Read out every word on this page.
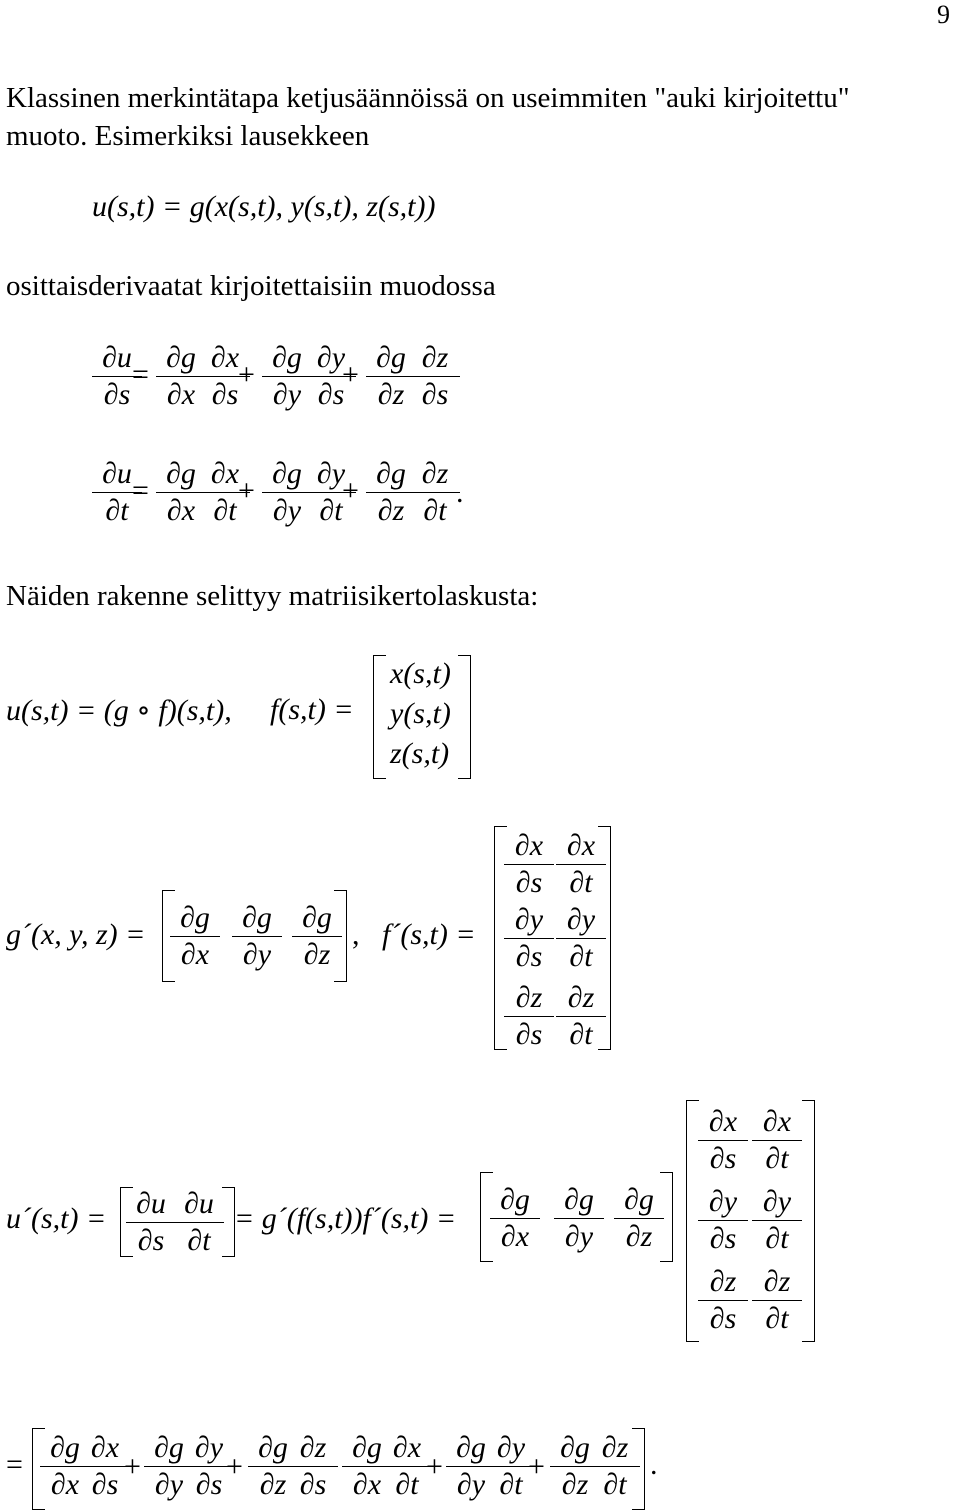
9
Klassinen merkintätapa ketjusäännöissä on useimmiten "auki kirjoitettu"
muoto. Esimerkiksi lausekkeen
u(s,t) = g(x(s,t), y(s,t), z(s,t))
osittaisderivaatat kirjoitettaisiin muodossa
$\frac{\partial u}{\partial s}$
= $\frac{\partial g}{\partial x}$
$\frac{\partial x}{\partial s}$
+ $\frac{\partial g}{\partial y}$
$\frac{\partial y}{\partial s}$
+ $\frac{\partial g}{\partial z}$
$\frac{\partial z}{\partial s}$
$\frac{\partial u}{\partial t}$
= $\frac{\partial g}{\partial x}$
$\frac{\partial x}{\partial t}$
+ $\frac{\partial g}{\partial y}$
$\frac{\partial y}{\partial t}$
+ $\frac{\partial g}{\partial z}$
$\frac{\partial z}{\partial t}$
.
Näiden rakenne selittyy matriisikertolaskusta:
u(s,t) = (g ∘ f)(s,t), f(s,t) =
x(s,t)
y(s,t)
z(s,t)
g´(x, y, z) =	, f´(s,t) =
$\frac{\partial g}{\partial x} \frac{\partial g}{\partial y} \frac{\partial g}{\partial z}$
$\frac{\partial x}{\partial s} \frac{\partial x}{\partial t}$
$\frac{\partial y}{\partial s} \frac{\partial y}{\partial t}$
$\frac{\partial z}{\partial s} \frac{\partial z}{\partial t}$
u´(s,t) =	= g´(f(s,t))f´(s,t) =
$\frac{\partial u}{\partial s}$
$\frac{\partial u}{\partial t}$	$\frac{\partial g}{\partial x} \frac{\partial g}{\partial y} \frac{\partial g}{\partial z}$
$\frac{\partial x}{\partial s} \frac{\partial x}{\partial t}$
$\frac{\partial y}{\partial s} \frac{\partial y}{\partial t}$
$\frac{\partial z}{\partial s} \frac{\partial z}{\partial t}$
=	.
$\frac{\partial g}{\partial x}$
$\frac{\partial x}{\partial s}$
+ $\frac{\partial g}{\partial y}$
$\frac{\partial y}{\partial s}$
+ $\frac{\partial g}{\partial z}$
$\frac{\partial z}{\partial s} \frac{\partial g}{\partial x}$
$\frac{\partial x}{\partial t}$
+ $\frac{\partial g}{\partial y}$
$\frac{\partial y}{\partial t}$
+ $\frac{\partial g}{\partial z}$
$\frac{\partial z}{\partial t}$
